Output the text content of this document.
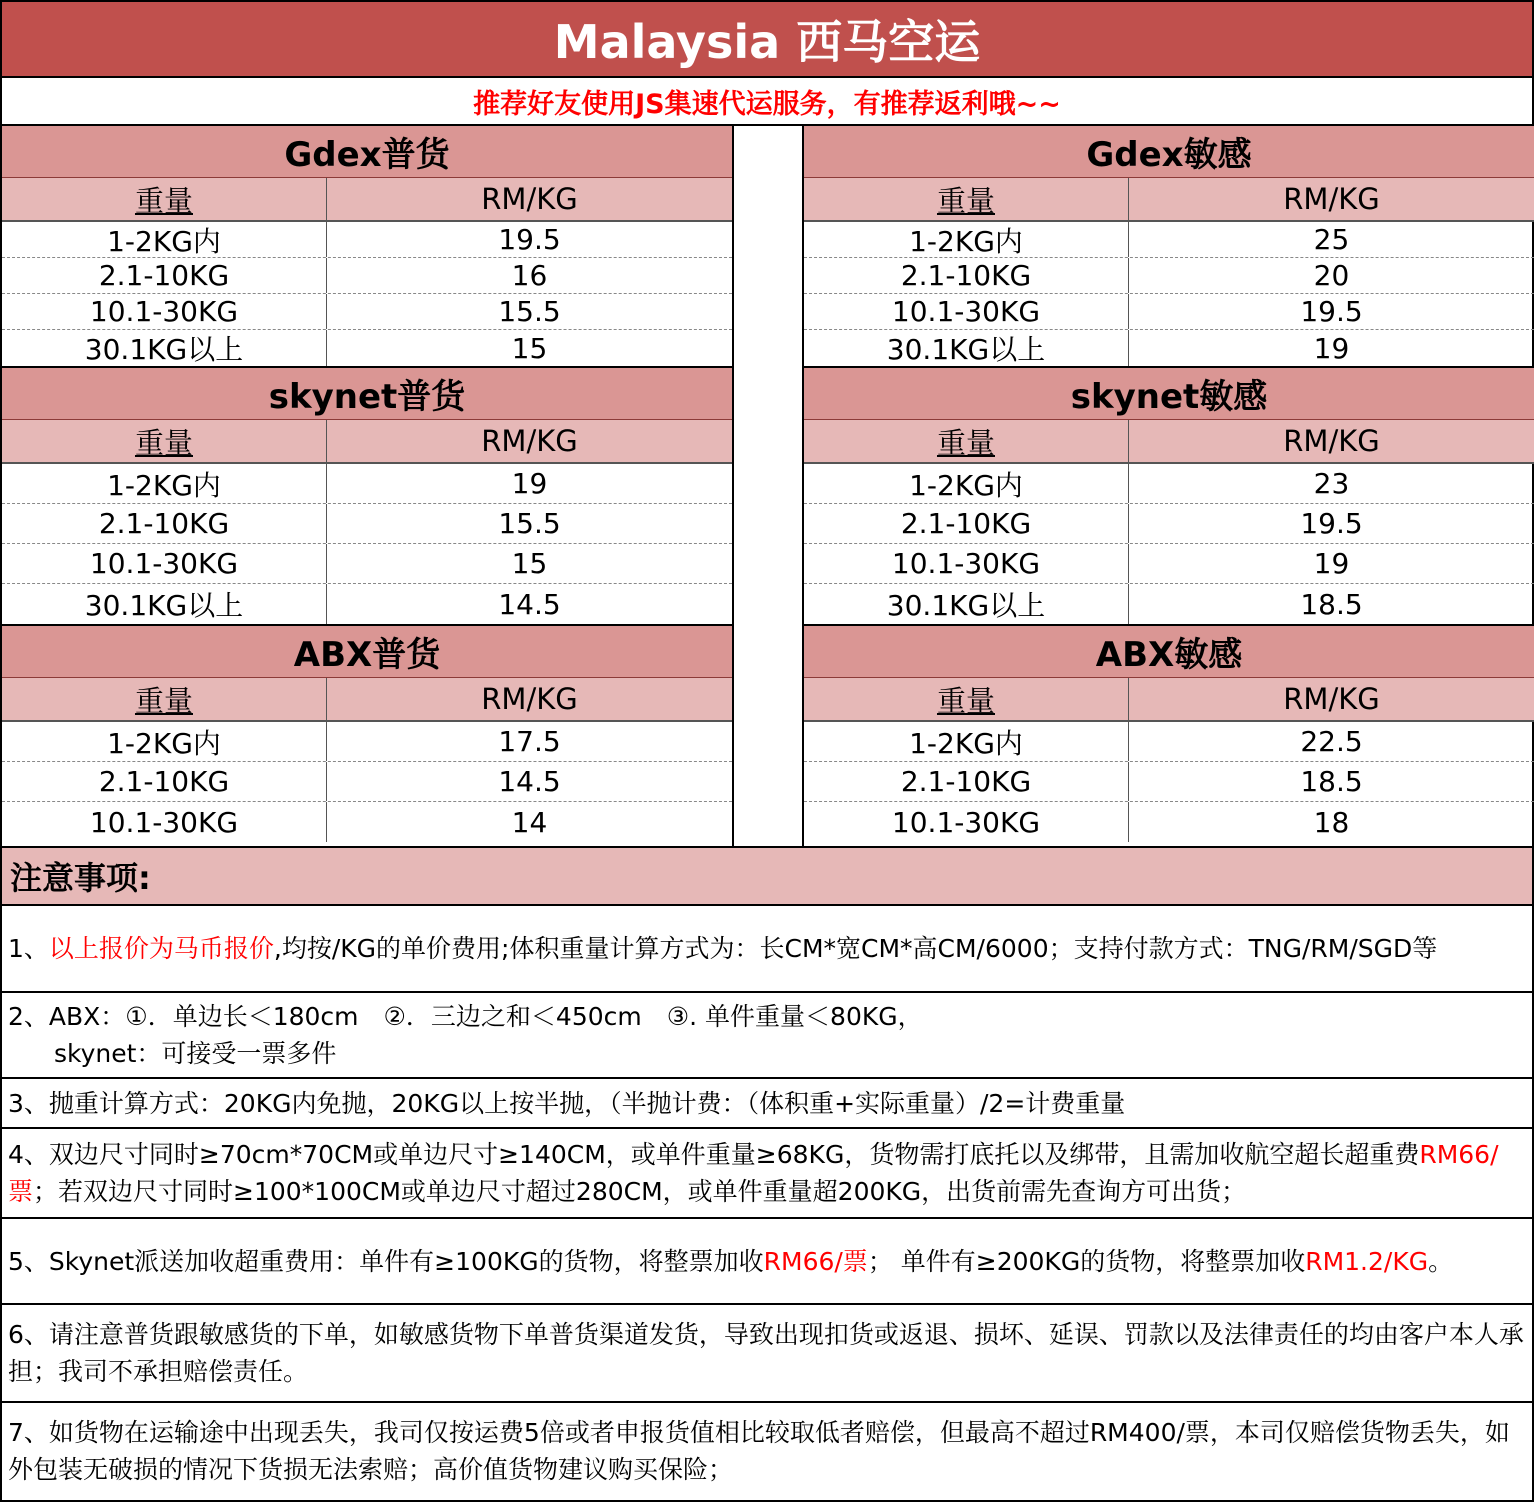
Malaysia 西马空运
推荐好友使用JS集速代运服务，有推荐返利哦~~
Gdex普货
重量	RM/KG
1-2KG内	19.5
2.1-10KG	16
10.1-30KG	15.5
30.1KG以上	15
skynet普货
重量	RM/KG
1-2KG内	19
2.1-10KG	15.5
10.1-30KG	15
30.1KG以上	14.5
ABX普货
重量	RM/KG
1-2KG内	17.5
2.1-10KG	14.5
10.1-30KG	14
Gdex敏感
重量	RM/KG
1-2KG内	25
2.1-10KG	20
10.1-30KG	19.5
30.1KG以上	19
skynet敏感
重量	RM/KG
1-2KG内	23
2.1-10KG	19.5
10.1-30KG	19
30.1KG以上	18.5
ABX敏感
重量	RM/KG
1-2KG内	22.5
2.1-10KG	18.5
10.1-30KG	18
注意事项:
1、以上报价为马币报价,均按/KG的单价费用;体积重量计算方式为：长CM*宽CM*高CM/6000；支持付款方式：TNG/RM/SGD等
2、ABX：①．单边长＜180cm　②．三边之和＜450cm　③. 单件重量＜80KG，
skynet：可接受一票多件
3、抛重计算方式：20KG内免抛，20KG以上按半抛，（半抛计费：（体积重+实际重量）/2=计费重量
4、双边尺寸同时≥70cm*70CM或单边尺寸≥140CM，或单件重量≥68KG，货物需打底托以及绑带，且需加收航空超长超重费RM66/票；若双边尺寸同时≥100*100CM或单边尺寸超过280CM，或单件重量超200KG，出货前需先查询方可出货；
5、Skynet派送加收超重费用：单件有≥100KG的货物，将整票加收RM66/票； 单件有≥200KG的货物，将整票加收RM1.2/KG。
6、请注意普货跟敏感货的下单，如敏感货物下单普货渠道发货，导致出现扣货或返退、损坏、延误、罚款以及法律责任的均由客户本人承担；我司不承担赔偿责任。
7、如货物在运输途中出现丢失，我司仅按运费5倍或者申报货值相比较取低者赔偿，但最高不超过RM400/票，本司仅赔偿货物丢失，如外包装无破损的情况下货损无法索赔；高价值货物建议购买保险；
